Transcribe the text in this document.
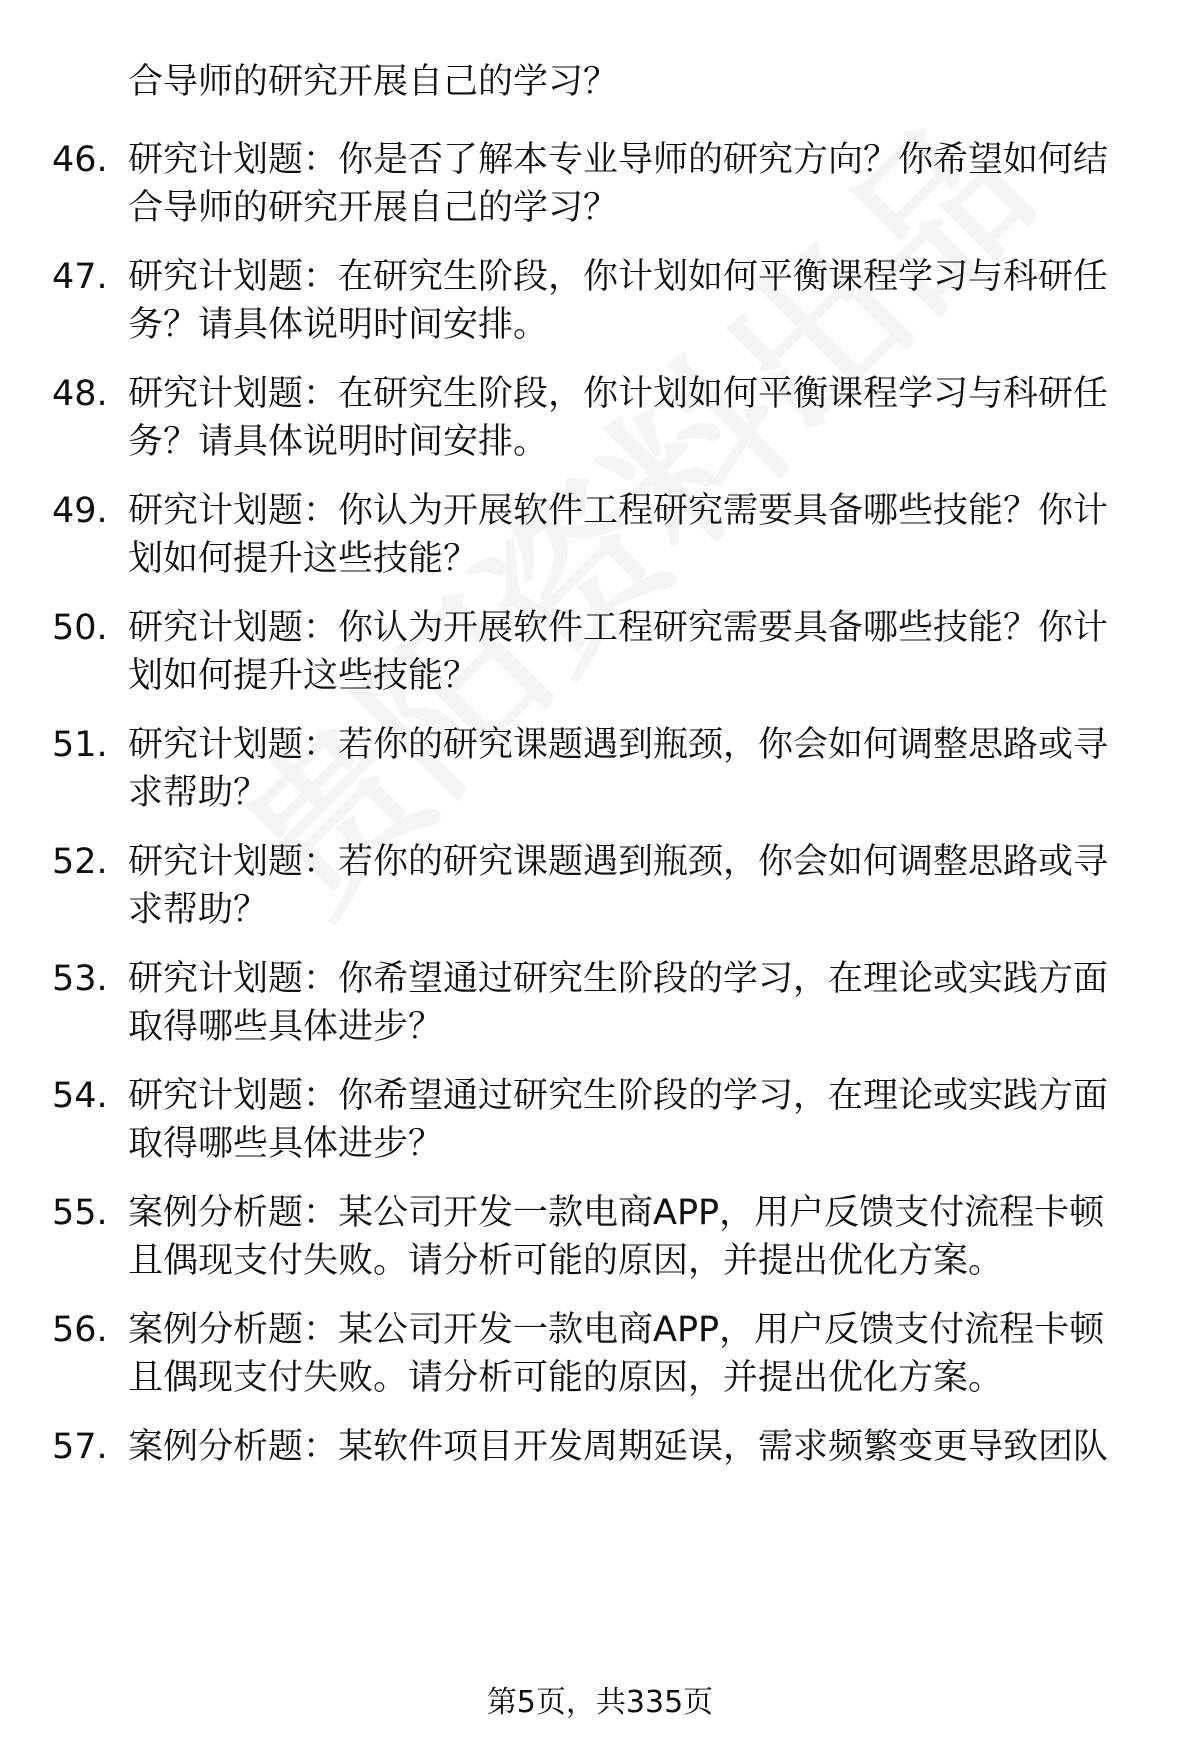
合导师的研究开展自己的学习？
46. 研究计划题：你是否了解本专业导师的研究方向？你希望如何结
合导师的研究开展自己的学习？
47. 研究计划题：在研究生阶段，你计划如何平衡课程学习与科研任
务？请具体说明时间安排。
48. 研究计划题：在研究生阶段，你计划如何平衡课程学习与科研任
务？请具体说明时间安排。
49. 研究计划题：你认为开展软件工程研究需要具备哪些技能？你计
划如何提升这些技能？
50. 研究计划题：你认为开展软件工程研究需要具备哪些技能？你计
划如何提升这些技能？
51. 研究计划题：若你的研究课题遇到瓶颈，你会如何调整思路或寻
求帮助？
52. 研究计划题：若你的研究课题遇到瓶颈，你会如何调整思路或寻
求帮助？
53. 研究计划题：你希望通过研究生阶段的学习，在理论或实践方面
取得哪些具体进步？
54. 研究计划题：你希望通过研究生阶段的学习，在理论或实践方面
取得哪些具体进步？
55. 案例分析题：某公司开发一款电商APP，用户反馈支付流程卡顿
且偶现支付失败。请分析可能的原因，并提出优化方案。
56. 案例分析题：某公司开发一款电商APP，用户反馈支付流程卡顿
且偶现支付失败。请分析可能的原因，并提出优化方案。
57. 案例分析题：某软件项目开发周期延误，需求频繁变更导致团队
第5页，共335页
